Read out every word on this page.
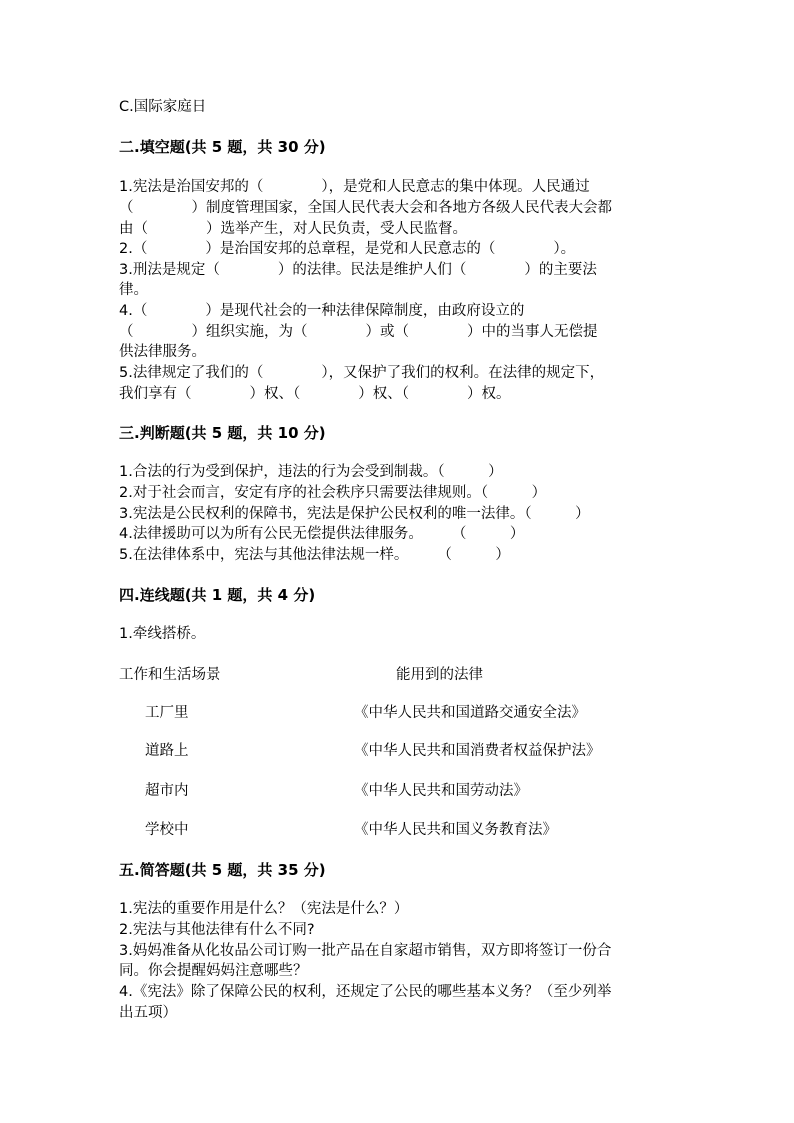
C.国际家庭日
二.填空题(共 5 题，共 30 分)
1.宪法是治国安邦的（　　　　），是党和人民意志的集中体现。人民通过
（　　　　）制度管理国家，全国人民代表大会和各地方各级人民代表大会都
由（　　　　）选举产生，对人民负责，受人民监督。
2.（　　　　）是治国安邦的总章程，是党和人民意志的（　　　　）。
3.刑法是规定（　　　　）的法律。民法是维护人们（　　　　）的主要法
律。
4.（　　　　）是现代社会的一种法律保障制度，由政府设立的
（　　　　）组织实施，为（　　　　）或（　　　　）中的当事人无偿提
供法律服务。
5.法律规定了我们的（　　　　），又保护了我们的权利。在法律的规定下，
我们享有（　　　　）权、（　　　　）权、（　　　　）权。
三.判断题(共 5 题，共 10 分)
1.合法的行为受到保护，违法的行为会受到制裁。（　　　）
2.对于社会而言，安定有序的社会秩序只需要法律规则。（　　　）
3.宪法是公民权利的保障书，宪法是保护公民权利的唯一法律。（　　　）
4.法律援助可以为所有公民无偿提供法律服务。　　　（　　　）
5.在法律体系中，宪法与其他法律法规一样。　　　（　　　）
四.连线题(共 1 题，共 4 分)
1.牵线搭桥。
工作和生活场景	能用到的法律
工厂里	《中华人民共和国道路交通安全法》
道路上	《中华人民共和国消费者权益保护法》
超市内	《中华人民共和国劳动法》
学校中	《中华人民共和国义务教育法》
五.简答题(共 5 题，共 35 分)
1.宪法的重要作用是什么？（宪法是什么？）
2.宪法与其他法律有什么不同?
3.妈妈准备从化妆品公司订购一批产品在自家超市销售，双方即将签订一份合
同。你会提醒妈妈注意哪些？
4.《宪法》除了保障公民的权利，还规定了公民的哪些基本义务？（至少列举
出五项）
